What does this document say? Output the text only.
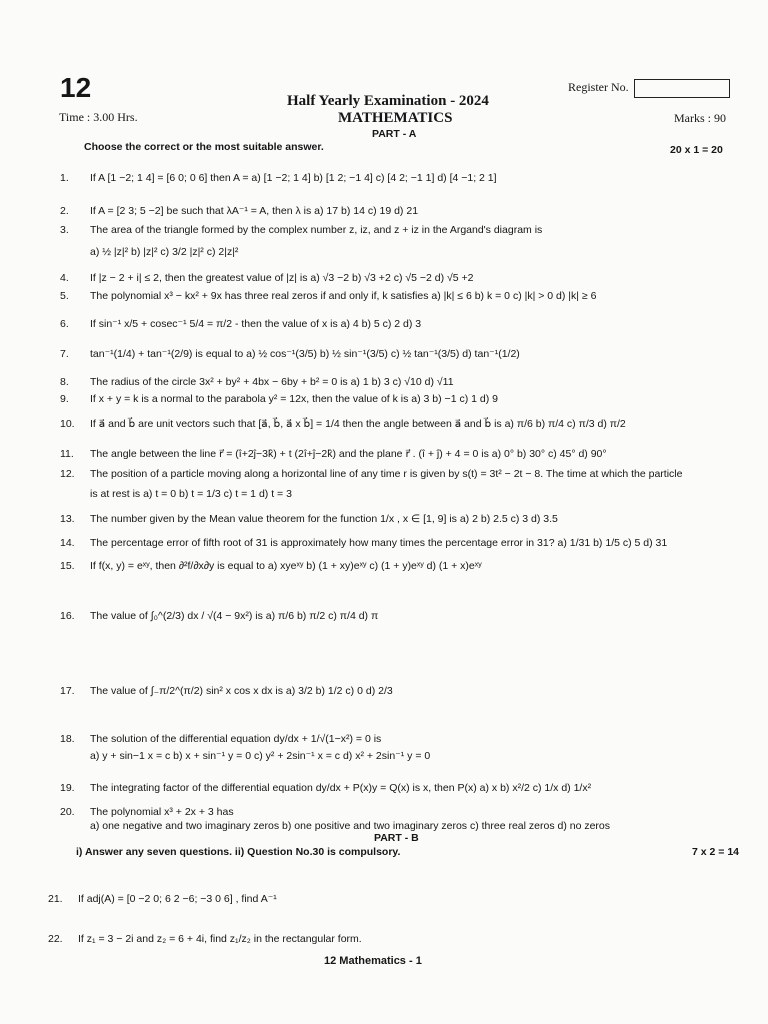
12	Register No.
Half Yearly Examination - 2024
Time : 3.00 Hrs.	MATHEMATICS	Marks : 90
PART - A
Choose the correct or the most suitable answer.	20 x 1 = 20
1. If A [1 −2; 1 4] = [6 0; 0 6] then A = a) [1 −2; 1 4] b) [1 2; −1 4] c) [4 2; −1 1] d) [4 −1; 2 1]
2. If A = [2 3; 5 −2] be such that λA⁻¹ = A, then λ is a) 17 b) 14 c) 19 d) 21
3. The area of the triangle formed by the complex number z, iz, and z + iz in the Argand's diagram is
a) ½ |z|² b) |z|² c) 3/2 |z|² c) 2|z|²
4. If |z − 2 + i| ≤ 2, then the greatest value of |z| is a) √3 −2 b) √3 +2 c) √5 −2 d) √5 +2
5. The polynomial x³ − kx² + 9x has three real zeros if and only if, k satisfies a) |k| ≤ 6 b) k = 0 c) |k| > 0 d) |k| ≥ 6
6. If sin⁻¹ x/5 + cosec⁻¹ 5/4 = π/2 - then the value of x is a) 4 b) 5 c) 2 d) 3
7. tan⁻¹(1/4) + tan⁻¹(2/9) is equal to a) ½ cos⁻¹(3/5) b) ½ sin⁻¹(3/5) c) ½ tan⁻¹(3/5) d) tan⁻¹(1/2)
8. The radius of the circle 3x² + by² + 4bx − 6by + b² = 0 is a) 1 b) 3 c) √10 d) √11
9. If x + y = k is a normal to the parabola y² = 12x, then the value of k is a) 3 b) −1 c) 1 d) 9
10. If a⃗ and b⃗ are unit vectors such that [a⃗, b⃗, a⃗ x b⃗] = 1/4 then the angle between a⃗ and b⃗ is a) π/6 b) π/4 c) π/3 d) π/2
11. The angle between the line r⃗ = (î+2ĵ−3k̂) + t (2î+ĵ−2k̂) and the plane r⃗ . (î + ĵ) + 4 = 0 is a) 0° b) 30° c) 45° d) 90°
12. The position of a particle moving along a horizontal line of any time r is given by s(t) = 3t² − 2t − 8. The time at which the particle
is at rest is a) t = 0 b) t = 1/3 c) t = 1 d) t = 3
13. The number given by the Mean value theorem for the function 1/x , x ∈ [1, 9] is a) 2 b) 2.5 c) 3 d) 3.5
14. The percentage error of fifth root of 31 is approximately how many times the percentage error in 31? a) 1/31 b) 1/5 c) 5 d) 31
15. If f(x, y) = eˣʸ, then ∂²f/∂x∂y is equal to a) xyeˣʸ b) (1 + xy)eˣʸ c) (1 + y)eˣʸ d) (1 + x)eˣʸ
16. The value of ∫₀^(2/3) dx / √(4 − 9x²) is a) π/6 b) π/2 c) π/4 d) π
17. The value of ∫₋π/2^(π/2) sin² x cos x dx is a) 3/2 b) 1/2 c) 0 d) 2/3
18. The solution of the differential equation dy/dx + 1/√(1−x²) = 0 is
a) y + sin−1 x = c b) x + sin⁻¹ y = 0 c) y² + 2sin⁻¹ x = c d) x² + 2sin⁻¹ y = 0
19. The integrating factor of the differential equation dy/dx + P(x)y = Q(x) is x, then P(x) a) x b) x²/2 c) 1/x d) 1/x²
20. The polynomial x³ + 2x + 3 has
a) one negative and two imaginary zeros b) one positive and two imaginary zeros c) three real zeros d) no zeros
PART - B
i) Answer any seven questions. ii) Question No.30 is compulsory.	7 x 2 = 14
21. If adj(A) = [0 −2 0; 6 2 −6; −3 0 6] , find A⁻¹
22. If z₁ = 3 − 2i and z₂ = 6 + 4i, find z₁/z₂ in the rectangular form.
12 Mathematics - 1
